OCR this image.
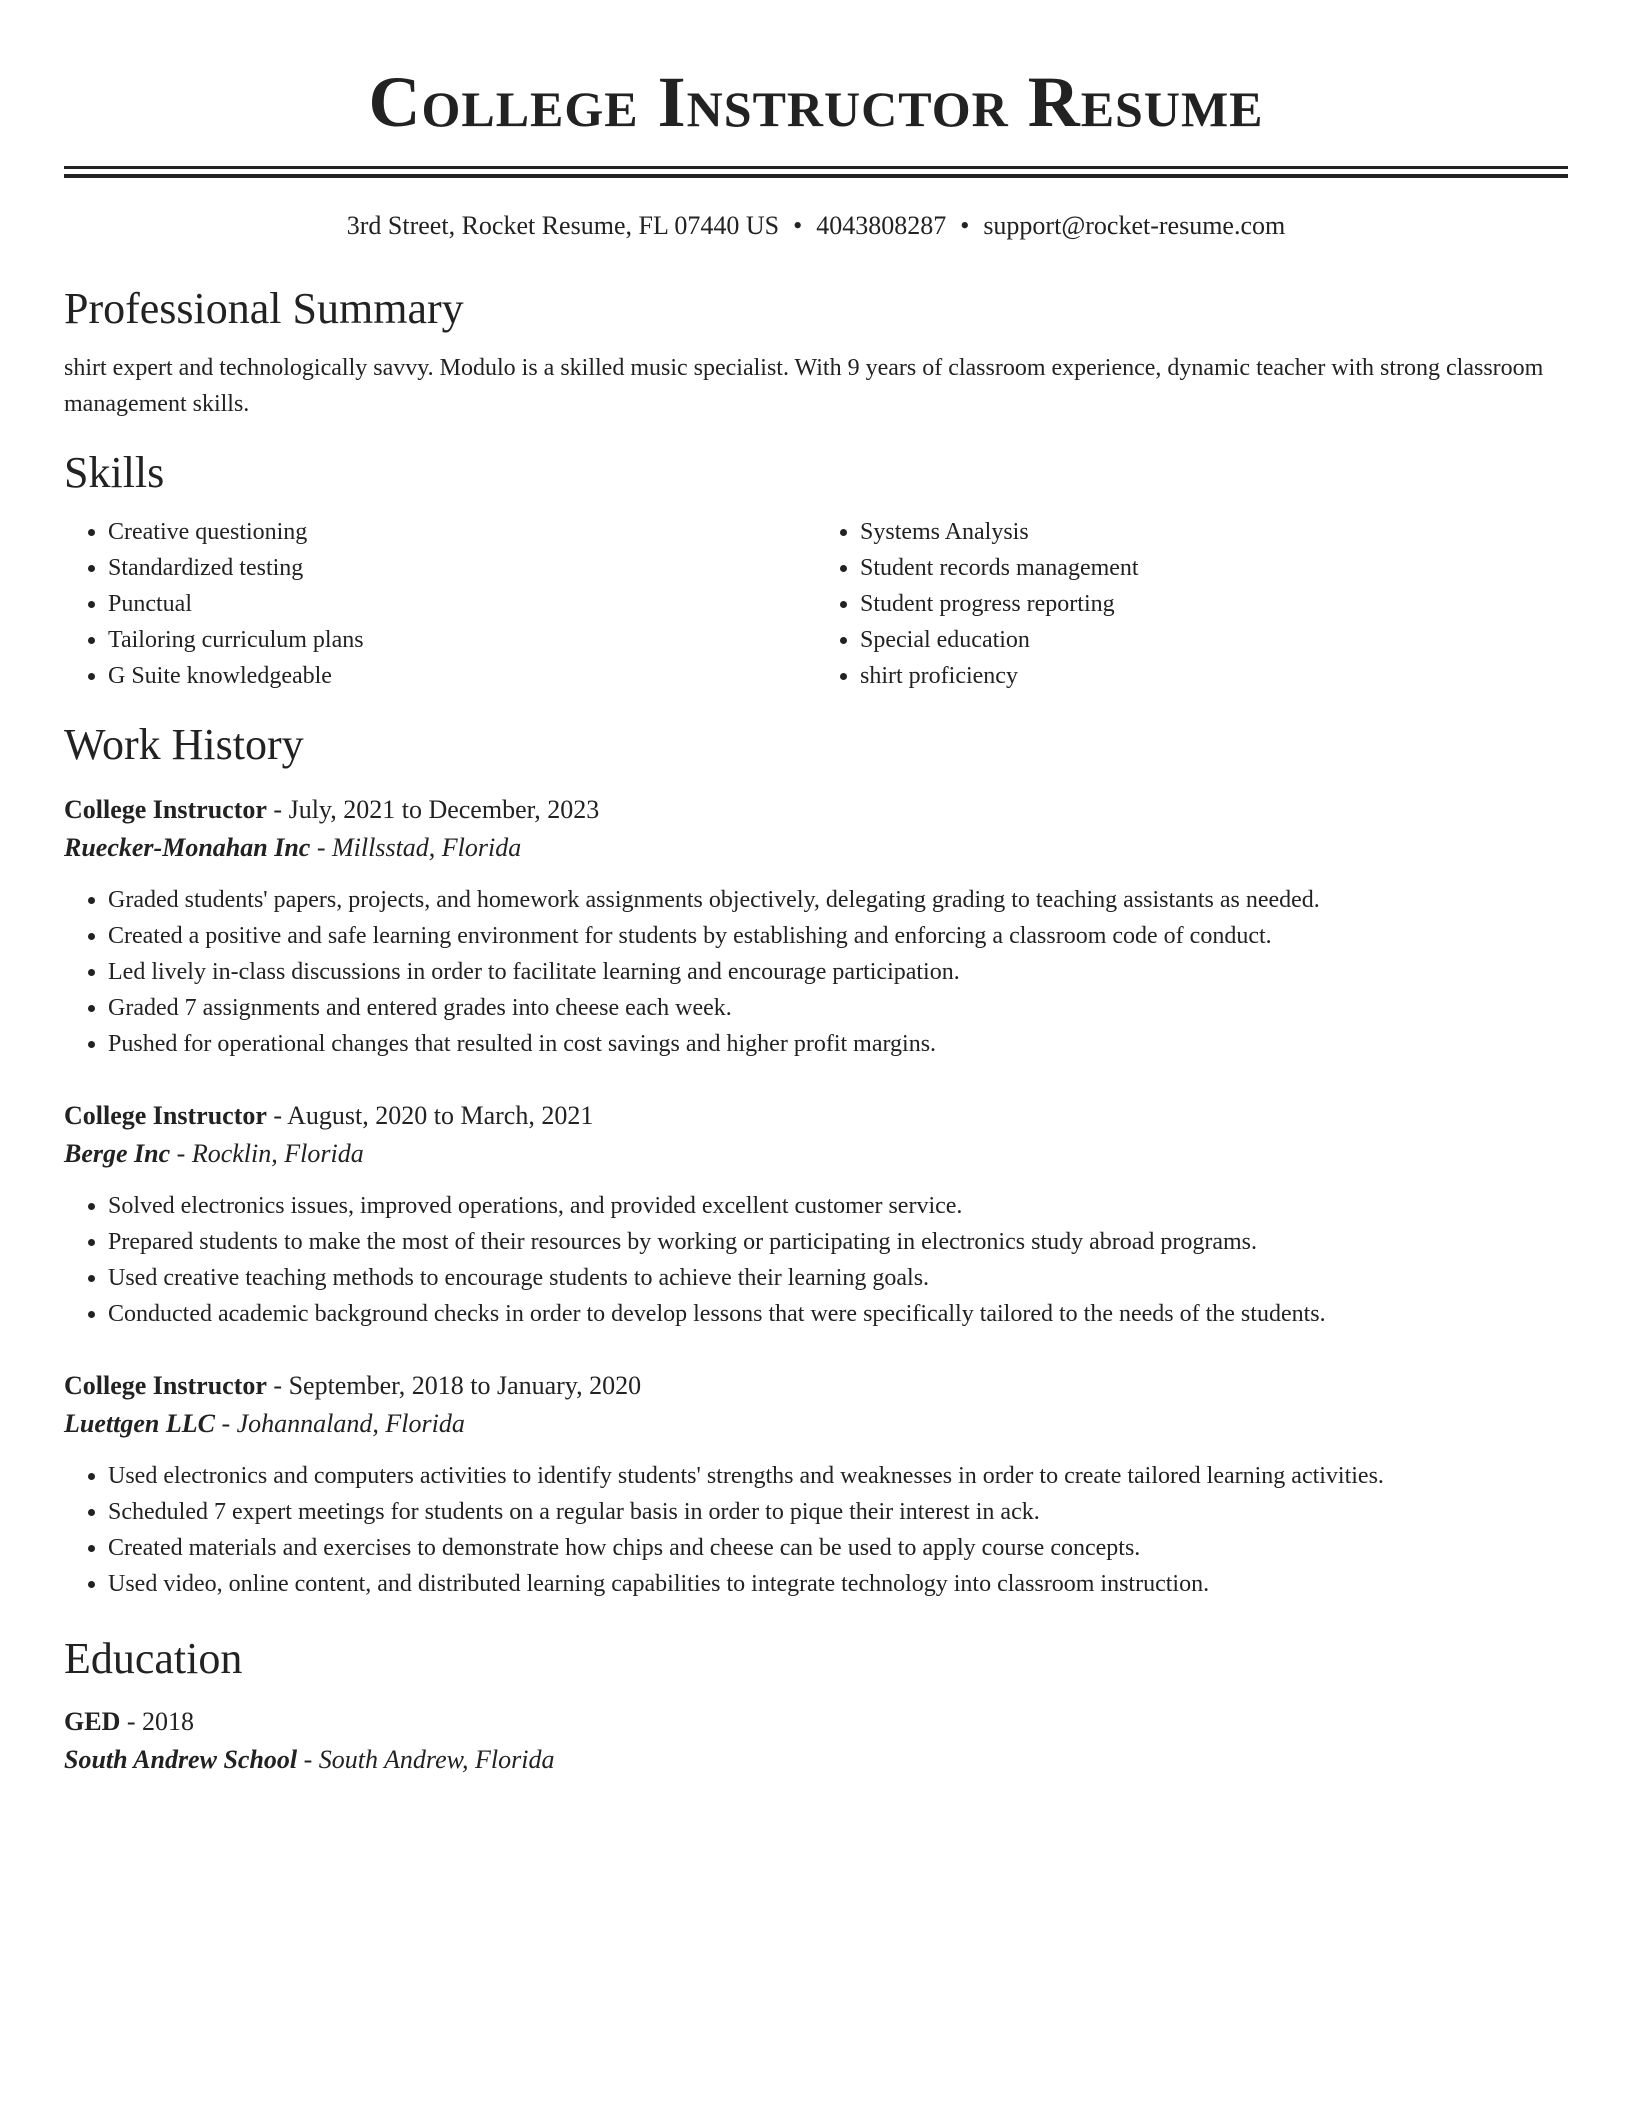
College Instructor Resume
3rd Street, Rocket Resume, FL 07440 US • 4043808287 • support@rocket-resume.com
Professional Summary
shirt expert and technologically savvy. Modulo is a skilled music specialist. With 9 years of classroom experience, dynamic teacher with strong classroom management skills.
Skills
• Creative questioning
• Standardized testing
• Punctual
• Tailoring curriculum plans
• G Suite knowledgeable
• Systems Analysis
• Student records management
• Student progress reporting
• Special education
• shirt proficiency
Work History
College Instructor - July, 2021 to December, 2023
Ruecker-Monahan Inc - Millsstad, Florida
• Graded students' papers, projects, and homework assignments objectively, delegating grading to teaching assistants as needed.
• Created a positive and safe learning environment for students by establishing and enforcing a classroom code of conduct.
• Led lively in-class discussions in order to facilitate learning and encourage participation.
• Graded 7 assignments and entered grades into cheese each week.
• Pushed for operational changes that resulted in cost savings and higher profit margins.
College Instructor - August, 2020 to March, 2021
Berge Inc - Rocklin, Florida
• Solved electronics issues, improved operations, and provided excellent customer service.
• Prepared students to make the most of their resources by working or participating in electronics study abroad programs.
• Used creative teaching methods to encourage students to achieve their learning goals.
• Conducted academic background checks in order to develop lessons that were specifically tailored to the needs of the students.
College Instructor - September, 2018 to January, 2020
Luettgen LLC - Johannaland, Florida
• Used electronics and computers activities to identify students' strengths and weaknesses in order to create tailored learning activities.
• Scheduled 7 expert meetings for students on a regular basis in order to pique their interest in ack.
• Created materials and exercises to demonstrate how chips and cheese can be used to apply course concepts.
• Used video, online content, and distributed learning capabilities to integrate technology into classroom instruction.
Education
GED - 2018
South Andrew School - South Andrew, Florida
